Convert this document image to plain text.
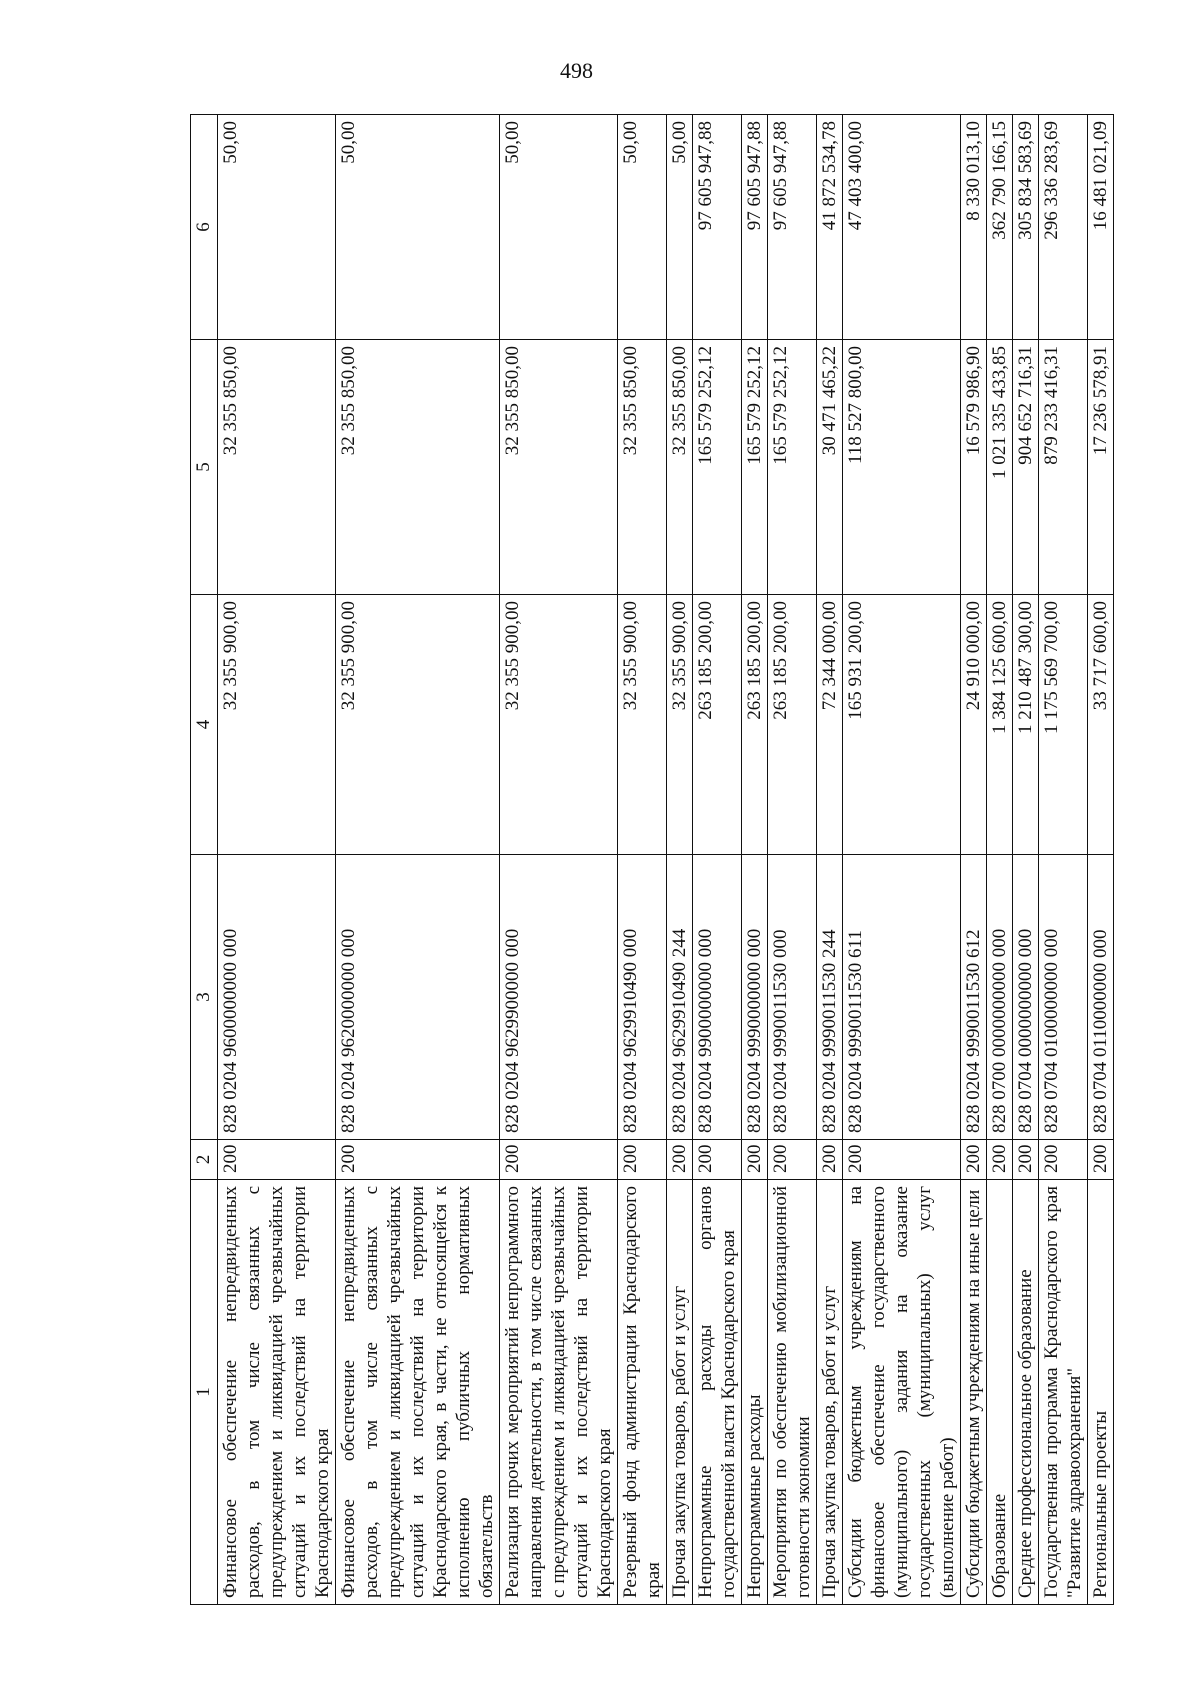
498
1	2	3	4	5	6
Финансовое обеспечение непредвиденных расходов, в том числе связанных с предупреждением и ликвидацией чрезвычайных ситуаций и их последствий на территории Краснодарского края	200	828 0204 9600000000 000	32 355 900,00	32 355 850,00	50,00
Финансовое обеспечение непредвиденных расходов, в том числе связанных с предупреждением и ликвидацией чрезвычайных ситуаций и их последствий на территории Краснодарского края, в части, не относящейся к исполнению публичных нормативных обязательств	200	828 0204 9620000000 000	32 355 900,00	32 355 850,00	50,00
Реализация прочих мероприятий непрограммного направления деятельности, в том числе связанных с предупреждением и ликвидацией чрезвычайных ситуаций и их последствий на территории Краснодарского края	200	828 0204 9629900000 000	32 355 900,00	32 355 850,00	50,00
Резервный фонд администрации Краснодарского края	200	828 0204 9629910490 000	32 355 900,00	32 355 850,00	50,00
Прочая закупка товаров, работ и услуг	200	828 0204 9629910490 244	32 355 900,00	32 355 850,00	50,00
Непрограммные расходы органов государственной власти Краснодарского края	200	828 0204 9900000000 000	263 185 200,00	165 579 252,12	97 605 947,88
Непрограммные расходы	200	828 0204 9990000000 000	263 185 200,00	165 579 252,12	97 605 947,88
Мероприятия по обеспечению мобилизационной готовности экономики	200	828 0204 9990011530 000	263 185 200,00	165 579 252,12	97 605 947,88
Прочая закупка товаров, работ и услуг	200	828 0204 9990011530 244	72 344 000,00	30 471 465,22	41 872 534,78
Субсидии бюджетным учреждениям на финансовое обеспечение государственного (муниципального) задания на оказание государственных (муниципальных) услуг (выполнение работ)	200	828 0204 9990011530 611	165 931 200,00	118 527 800,00	47 403 400,00
Субсидии бюджетным учреждениям на иные цели	200	828 0204 9990011530 612	24 910 000,00	16 579 986,90	8 330 013,10
Образование	200	828 0700 0000000000 000	1 384 125 600,00	1 021 335 433,85	362 790 166,15
Среднее профессиональное образование	200	828 0704 0000000000 000	1 210 487 300,00	904 652 716,31	305 834 583,69
Государственная программа Краснодарского края "Развитие здравоохранения"	200	828 0704 0100000000 000	1 175 569 700,00	879 233 416,31	296 336 283,69
Региональные проекты	200	828 0704 0110000000 000	33 717 600,00	17 236 578,91	16 481 021,09
